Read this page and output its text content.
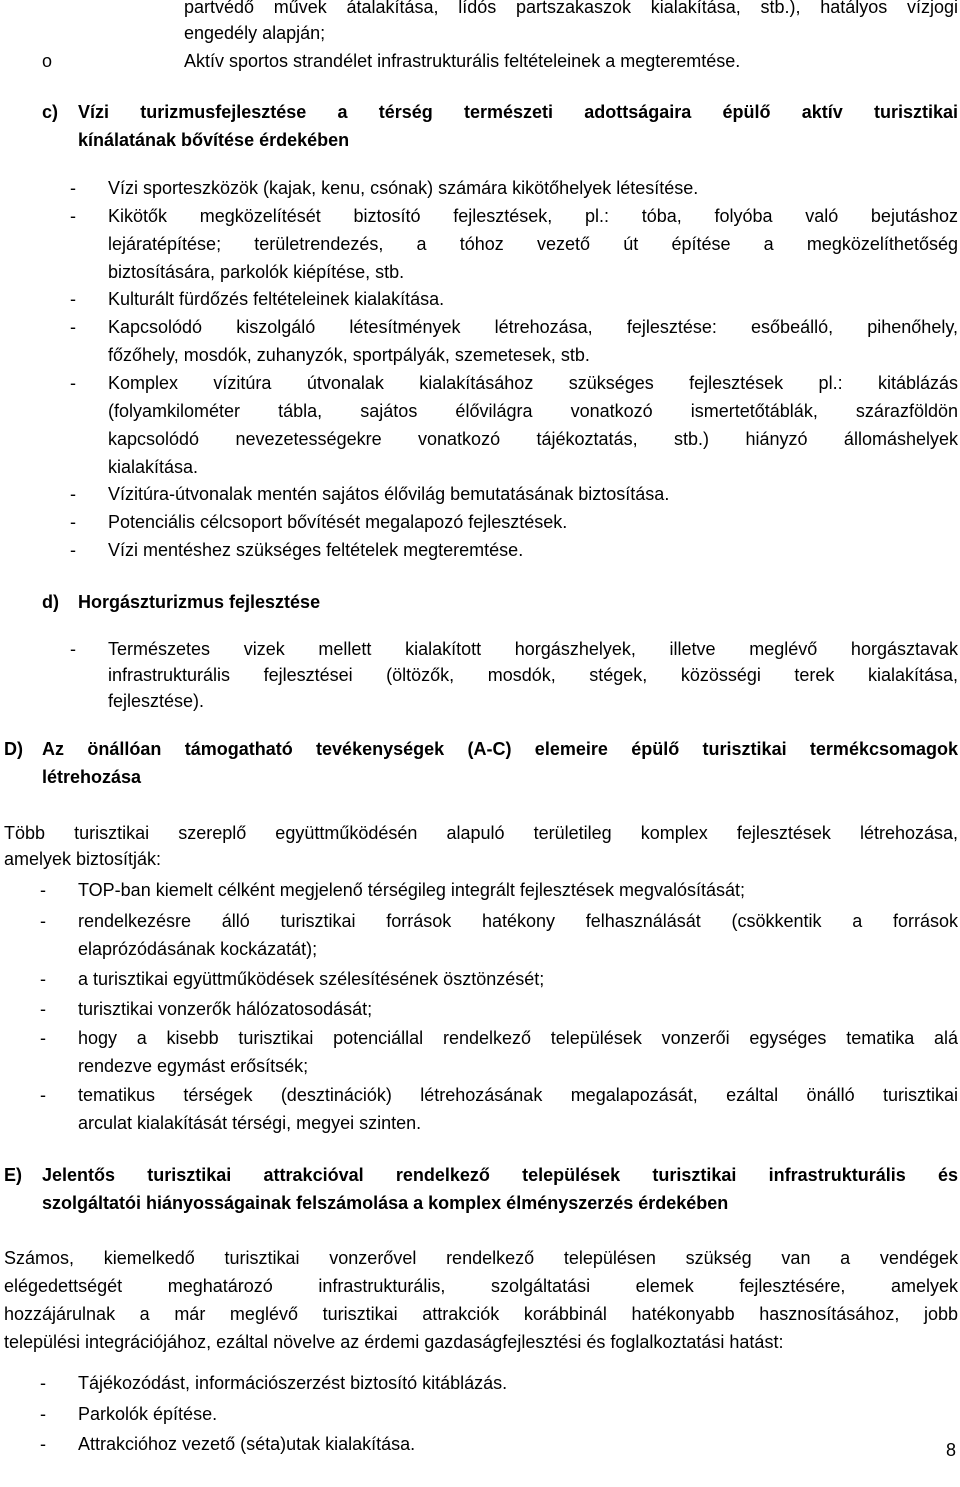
partvédő művek átalakítása, lídós partszakaszok kialakítása, stb.), hatályos vízjogi
engedély alapján;
o	Aktív sportos strandélet infrastrukturális feltételeinek a megteremtése.
c) Vízi turizmusfejlesztése a térség természeti adottságaira épülő aktív turisztikai
kínálatának bővítése érdekében
- Vízi sporteszközök (kajak, kenu, csónak) számára kikötőhelyek létesítése.
- Kikötők megközelítését biztosító fejlesztések, pl.: tóba, folyóba való bejutáshoz
lejáratépítése; területrendezés, a tóhoz vezető út építése a megközelíthetőség
biztosítására, parkolók kiépítése, stb.
- Kulturált fürdőzés feltételeinek kialakítása.
- Kapcsolódó kiszolgáló létesítmények létrehozása, fejlesztése: esőbeálló, pihenőhely,
főzőhely, mosdók, zuhanyzók, sportpályák, szemetesek, stb.
- Komplex vízitúra útvonalak kialakításához szükséges fejlesztések pl.: kitáblázás
(folyamkilométer tábla, sajátos élővilágra vonatkozó ismertetőtáblák, szárazföldön
kapcsolódó nevezetességekre vonatkozó tájékoztatás, stb.) hiányzó állomáshelyek
kialakítása.
- Vízitúra-útvonalak mentén sajátos élővilág bemutatásának biztosítása.
- Potenciális célcsoport bővítését megalapozó fejlesztések.
- Vízi mentéshez szükséges feltételek megteremtése.
d) Horgászturizmus fejlesztése
- Természetes vizek mellett kialakított horgászhelyek, illetve meglévő horgásztavak
infrastrukturális fejlesztései (öltözők, mosdók, stégek, közösségi terek kialakítása,
fejlesztése).
D) Az önállóan támogatható tevékenységek (A-C) elemeire épülő turisztikai termékcsomagok
létrehozása
Több turisztikai szereplő együttműködésén alapuló területileg komplex fejlesztések létrehozása,
amelyek biztosítják:
- TOP-ban kiemelt célként megjelenő térségileg integrált fejlesztések megvalósítását;
- rendelkezésre álló turisztikai források hatékony felhasználását (csökkentik a források
elaprózódásának kockázatát);
- a turisztikai együttműködések szélesítésének ösztönzését;
- turisztikai vonzerők hálózatosodását;
- hogy a kisebb turisztikai potenciállal rendelkező települések vonzerői egységes tematika alá
rendezve egymást erősítsék;
- tematikus térségek (desztinációk) létrehozásának megalapozását, ezáltal önálló turisztikai
arculat kialakítását térségi, megyei szinten.
E) Jelentős turisztikai attrakcióval rendelkező települések turisztikai infrastrukturális és
szolgáltatói hiányosságainak felszámolása a komplex élményszerzés érdekében
Számos, kiemelkedő turisztikai vonzerővel rendelkező településen szükség van a vendégek
elégedettségét meghatározó infrastrukturális, szolgáltatási elemek fejlesztésére, amelyek
hozzájárulnak a már meglévő turisztikai attrakciók korábbinál hatékonyabb hasznosításához, jobb
települési integrációjához, ezáltal növelve az érdemi gazdaságfejlesztési és foglalkoztatási hatást:
- Tájékozódást, információszerzést biztosító kitáblázás.
- Parkolók építése.
- Attrakcióhoz vezető (séta)utak kialakítása.	8
